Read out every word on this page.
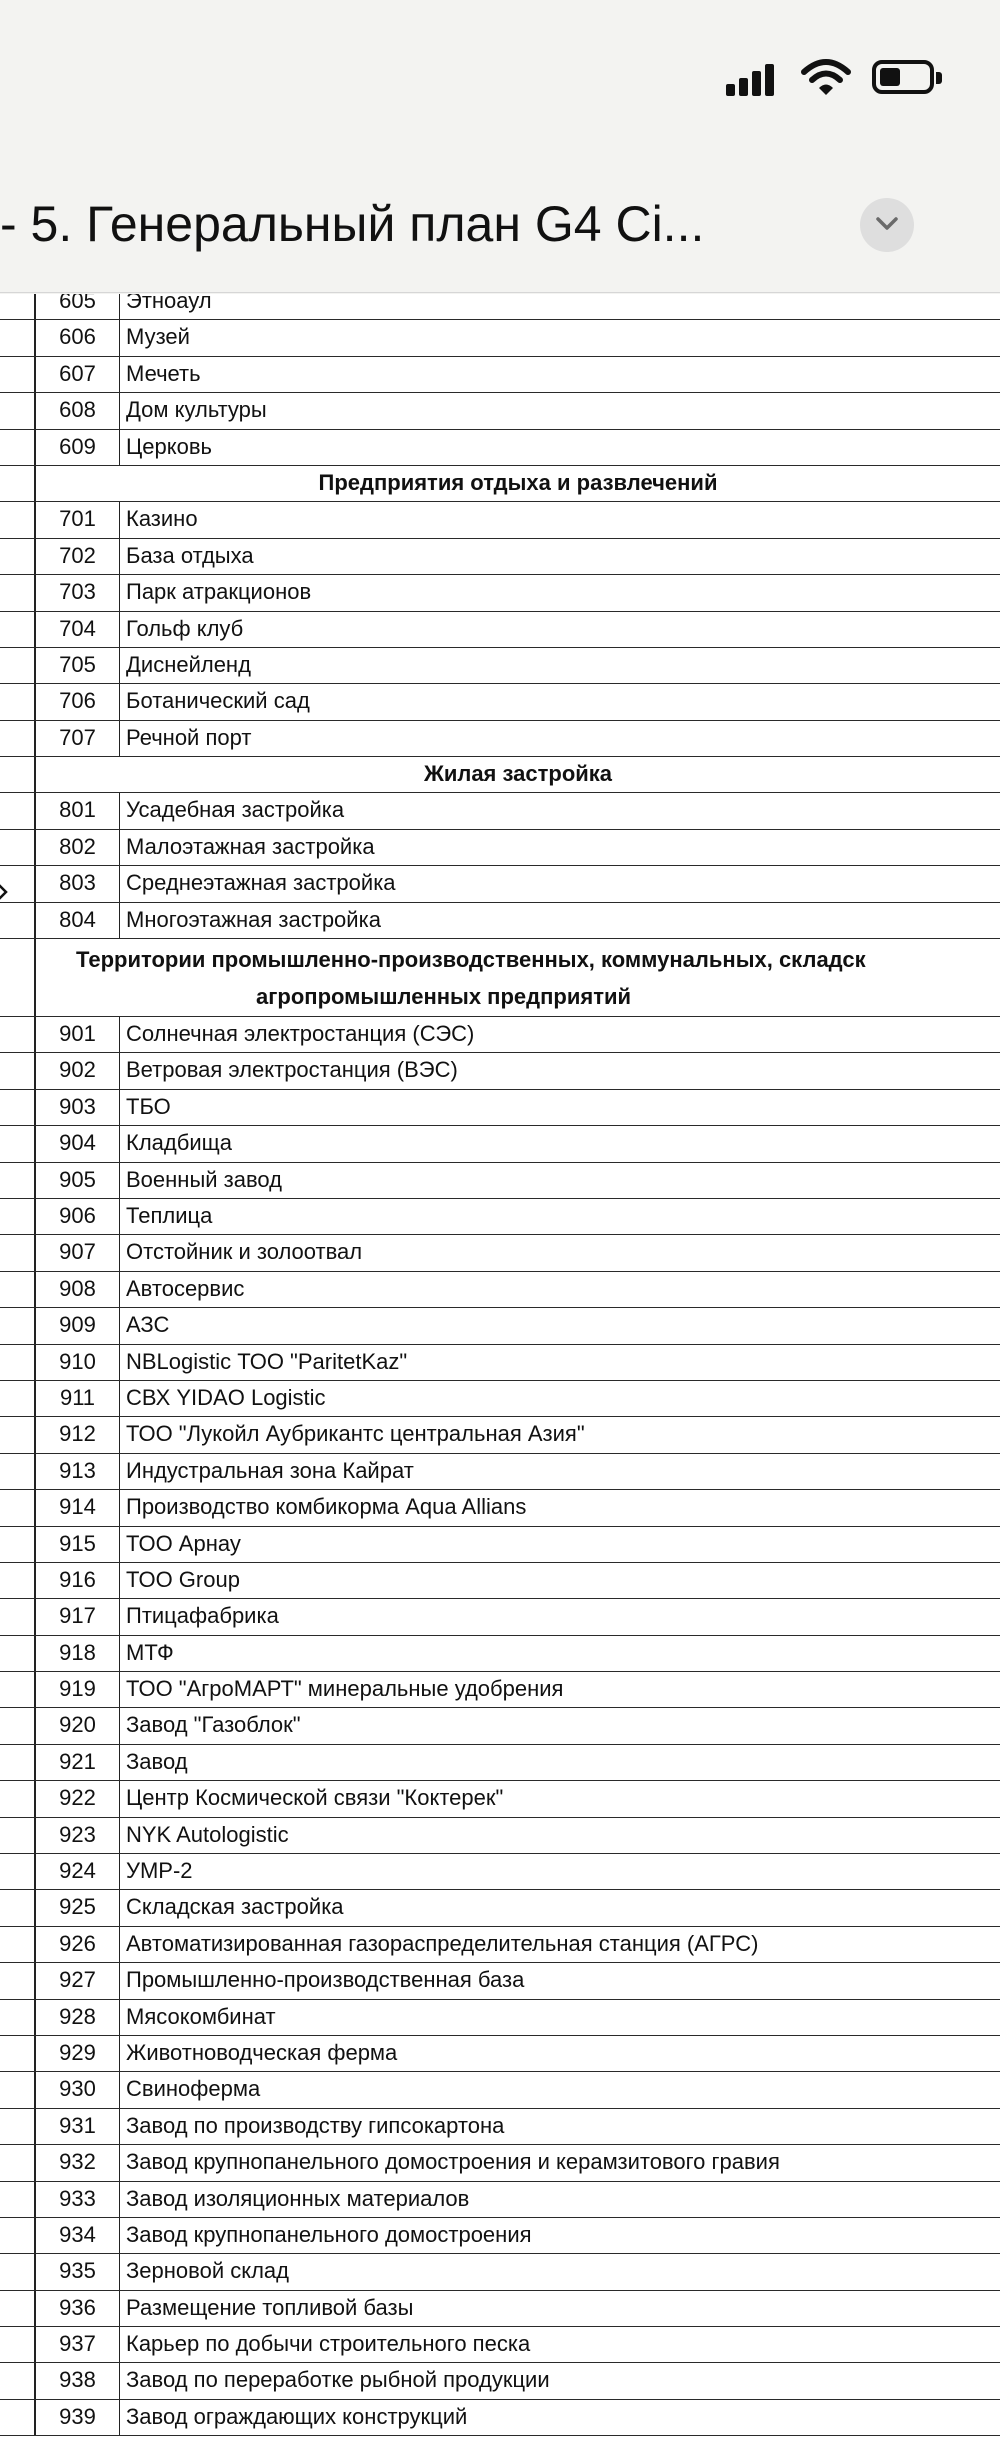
- 5. Генеральный план G4 Ci...
605	Этноаул
606	Музей
607	Мечеть
608	Дом культуры
609	Церковь
Предприятия отдыха и развлечений
701	Казино
702	База отдыха
703	Парк атракционов
704	Гольф клуб
705	Диснейленд
706	Ботанический сад
707	Речной порт
Жилая застройка
801	Усадебная застройка
802	Малоэтажная застройка
803	Среднеэтажная застройка
804	Многоэтажная застройка
Территории промышленно-производственных, коммунальных, складск
агропромышленных предприятий
901	Солнечная электростанция (СЭС)
902	Ветровая электростанция (ВЭС)
903	ТБО
904	Кладбища
905	Военный завод
906	Теплица
907	Отстойник и золоотвал
908	Автосервис
909	АЗС
910	NBLogistic ТОО "ParitetKaz"
911	СВХ YIDAO Logistic
912	ТОО "Лукойл Аубрикантс центральная Азия"
913	Индустральная зона Кайрат
914	Производство комбикорма Aqua Allians
915	ТОО Арнау
916	ТОО Group
917	Птицафабрика
918	МТФ
919	ТОО "АгроМАРТ" минеральные удобрения
920	Завод "Газоблок"
921	Завод
922	Центр Космической связи "Коктерек"
923	NYK Autologistic
924	УМР-2
925	Складская застройка
926	Автоматизированная газораспределительная станция (АГРС)
927	Промышленно-производственная база
928	Мясокомбинат
929	Животноводческая ферма
930	Свиноферма
931	Завод по производству гипсокартона
932	Завод крупнопанельного домостроения и керамзитового гравия
933	Завод изоляционных материалов
934	Завод крупнопанельного домостроения
935	Зерновой склад
936	Размещение топливой базы
937	Карьер по добычи строительного песка
938	Завод по переработке рыбной продукции
939	Завод ограждающих конструкций
